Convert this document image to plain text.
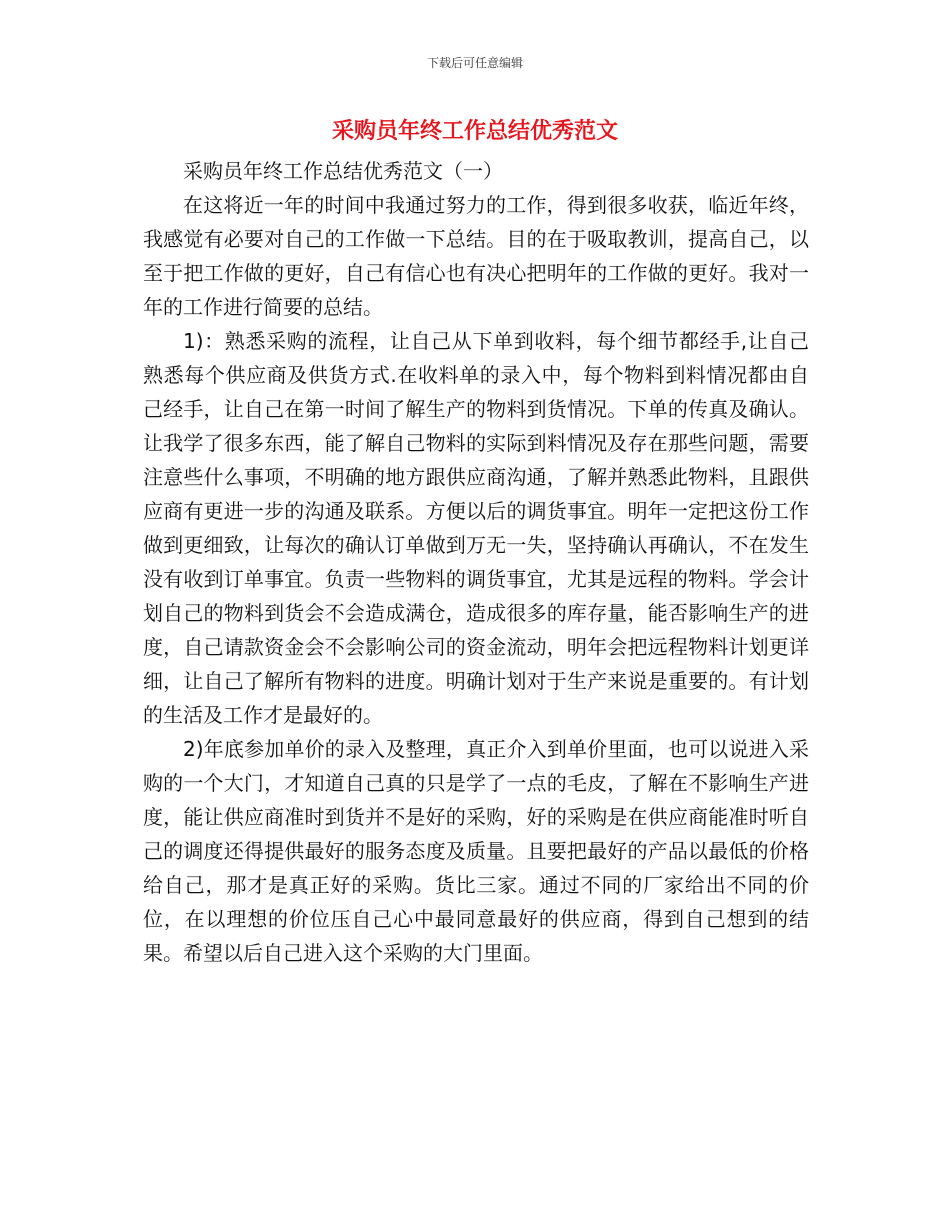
下载后可任意编辑
采购员年终工作总结优秀范文

采购员年终工作总结优秀范文（一）

在这将近一年的时间中我通过努力的工作，得到很多收获，临近年终，我感觉有必要对自己的工作做一下总结。目的在于吸取教训，提高自己，以至于把工作做的更好，自己有信心也有决心把明年的工作做的更好。我对一年的工作进行简要的总结。

1)：熟悉采购的流程，让自己从下单到收料，每个细节都经手,让自己熟悉每个供应商及供货方式.在收料单的录入中，每个物料到料情况都由自己经手，让自己在第一时间了解生产的物料到货情况。下单的传真及确认。让我学了很多东西，能了解自己物料的实际到料情况及存在那些问题，需要注意些什么事项，不明确的地方跟供应商沟通，了解并熟悉此物料，且跟供应商有更进一步的沟通及联系。方便以后的调货事宜。明年一定把这份工作做到更细致，让每次的确认订单做到万无一失，坚持确认再确认，不在发生没有收到订单事宜。负责一些物料的调货事宜，尤其是远程的物料。学会计划自己的物料到货会不会造成满仓，造成很多的库存量，能否影响生产的进度，自己请款资金会不会影响公司的资金流动，明年会把远程物料计划更详细，让自己了解所有物料的进度。明确计划对于生产来说是重要的。有计划的生活及工作才是最好的。

2)年底参加单价的录入及整理，真正介入到单价里面，也可以说进入采购的一个大门，才知道自己真的只是学了一点的毛皮，了解在不影响生产进度，能让供应商准时到货并不是好的采购，好的采购是在供应商能准时听自己的调度还得提供最好的服务态度及质量。且要把最好的产品以最低的价格给自己，那才是真正好的采购。货比三家。通过不同的厂家给出不同的价位，在以理想的价位压自己心中最同意最好的供应商，得到自己想到的结果。希望以后自己进入这个采购的大门里面。
